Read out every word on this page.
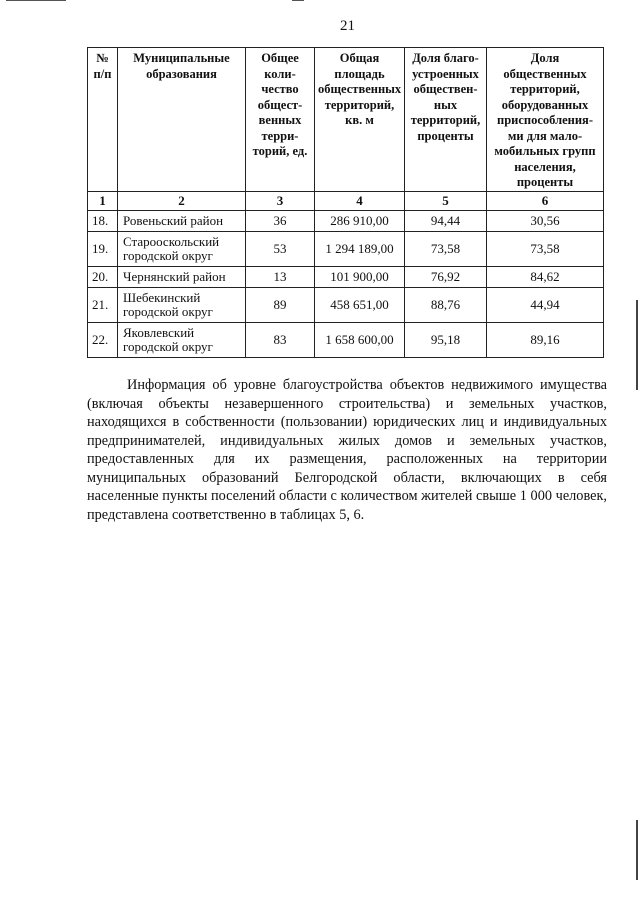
21
№ п/п	Муниципальные образования	Общее коли-чество общест-венных терри-торий, ед.	Общая площадь общественных территорий, кв. м	Доля благо-устроенных обществен-ных территорий, проценты	Доля общественных территорий, оборудованных приспособления-ми для мало-мобильных групп населения, проценты
1	2	3	4	5	6
18.	Ровеньский район	36	286 910,00	94,44	30,56
19.	Старооскольский городской округ	53	1 294 189,00	73,58	73,58
20.	Чернянский район	13	101 900,00	76,92	84,62
21.	Шебекинский городской округ	89	458 651,00	88,76	44,94
22.	Яковлевский городской округ	83	1 658 600,00	95,18	89,16

Информация об уровне благоустройства объектов недвижимого имущества (включая объекты незавершенного строительства) и земельных участков, находящихся в собственности (пользовании) юридических лиц и индивидуальных предпринимателей, индивидуальных жилых домов и земельных участков, предоставленных для их размещения, расположенных на территории муниципальных образований Белгородской области, включающих в себя населенные пункты поселений области с количеством жителей свыше 1 000 человек, представлена соответственно в таблицах 5, 6.
